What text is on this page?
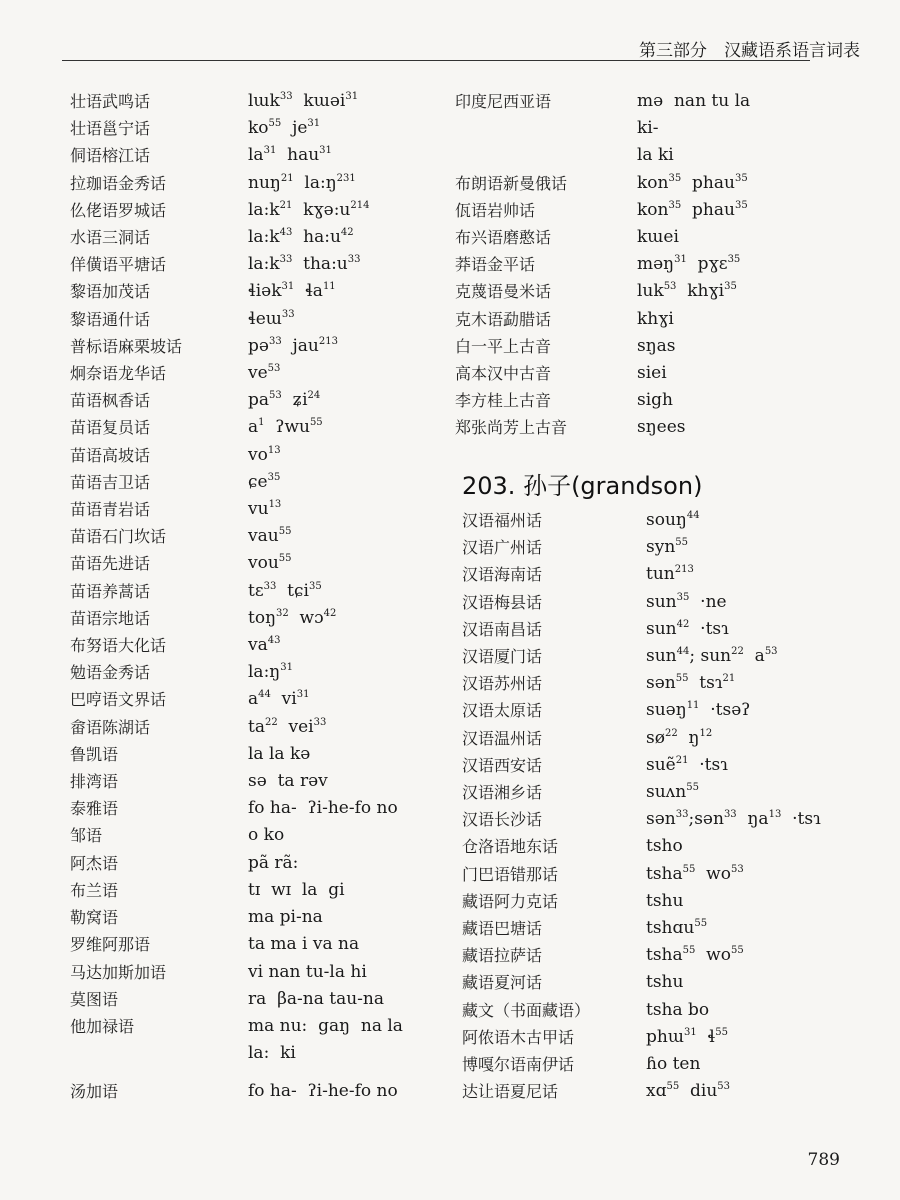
第三部分　汉藏语系语言词表
壮语武鸣话	lɯk$^{33}$  kɯəi$^{31}$
壮语邕宁话	$ko^{55}$  $je^{31}$
侗语榕江话	$la^{31}$  hau$^{31}$
拉珈语金秀话	nuŋ$^{21}$  $la:ŋ^{231}$
仫佬语罗城话	$la:k^{21}$  $kɣə:u^{214}$
水语三洞话	$la:k^{43}$  $ha:u^{42}$
佯僙语平塘话	$la:k^{33}$  $tha:u^{33}$
黎语加茂话	ɬiək$^{31}$  ɬa$^{11}$
黎语通什话	ɬeɯ$^{33}$
普标语麻栗坡话	pə$^{33}$  jau$^{213}$
炯奈语龙华话	$ve^{53}$
苗语枫香话	$pa^{53}$  ʑi$^{24}$
苗语复员话	$a^1$  ʔwu$^{55}$
苗语高坡话	$vo^{13}$
苗语吉卫话	ɕe$^{35}$
苗语青岩话	$vu^{13}$
苗语石门坎话	vau$^{55}$
苗语先进话	vou$^{55}$
苗语养蒿话	tɛ$^{33}$  tɕi$^{35}$
苗语宗地话	toŋ$^{32}$  wɔ$^{42}$
布努语大化话	$va^{43}$
勉语金秀话	$la:ŋ^{31}$
巴哼语文界话	$a^{44}$  $vi^{31}$
畲语陈湖话	$ta^{22}$  vei$^{33}$
鲁凯语	la la kə
排湾语	sə  ta rəv
泰雅语	fo ha-  ʔi-he-fo no
邹语	o ko
阿杰语	pã rã:
布兰语	tɪ  wɪ  la  gi
勒窝语	ma pi-na
罗维阿那语	ta ma i va na
马达加斯加语	vi nan tu-la hi
莫图语	ra  βa-na tau-na
他加禄语	ma nu:  gaŋ  na la
la:  ki
汤加语	fo ha-  ʔi-he-fo no
印度尼西亚语	mə  nan tu la ki-
la ki
布朗语新曼俄话	kon$^{35}$  phau$^{35}$
佤语岩帅话	kon$^{35}$  phau$^{35}$
布兴语磨憨话	kɯei
莽语金平话	məŋ$^{31}$  pɣɛ$^{35}$
克蔑语曼米话	luk$^{53}$  khɣi$^{35}$
克木语勐腊话	khɣi
白一平上古音	sŋas
高本汉中古音	siei
李方桂上古音	sigh
郑张尚芳上古音	sŋees
203. 孙子(grandson)
汉语福州话	souŋ$^{44}$
汉语广州话	syn$^{55}$
汉语海南话	tun$^{213}$
汉语梅县话	sun$^{35}$  ·ne
汉语南昌话	sun$^{42}$  ·tsɿ
汉语厦门话	sun$^{44}$; sun$^{22}$  $a^{53}$
汉语苏州话	sən$^{55}$  tsɿ$^{21}$
汉语太原话	suəŋ$^{11}$  ·tsəʔ
汉语温州话	$sø^{22}$  $ŋ^{12}$
汉语西安话	suẽ$^{21}$  ·tsɿ
汉语湘乡话	suʌn$^{55}$
汉语长沙话	sən$^{33}$;sən$^{33}$  $ŋa^{13}$  ·tsɿ
仓洛语地东话	tsho
门巴语错那话	tsha$^{55}$  $wo^{53}$
藏语阿力克话	tshu
藏语巴塘话	tshɑu$^{55}$
藏语拉萨话	tsha$^{55}$  $wo^{55}$
藏语夏河话	tshu
藏文（书面藏语）	tsha bo
阿侬语木古甲话	phɯ$^{31}$  ɬ$^{55}$
博嘎尔语南伊话	ɦo ten
达让语夏尼话	xɑ$^{55}$  diu$^{53}$
789
